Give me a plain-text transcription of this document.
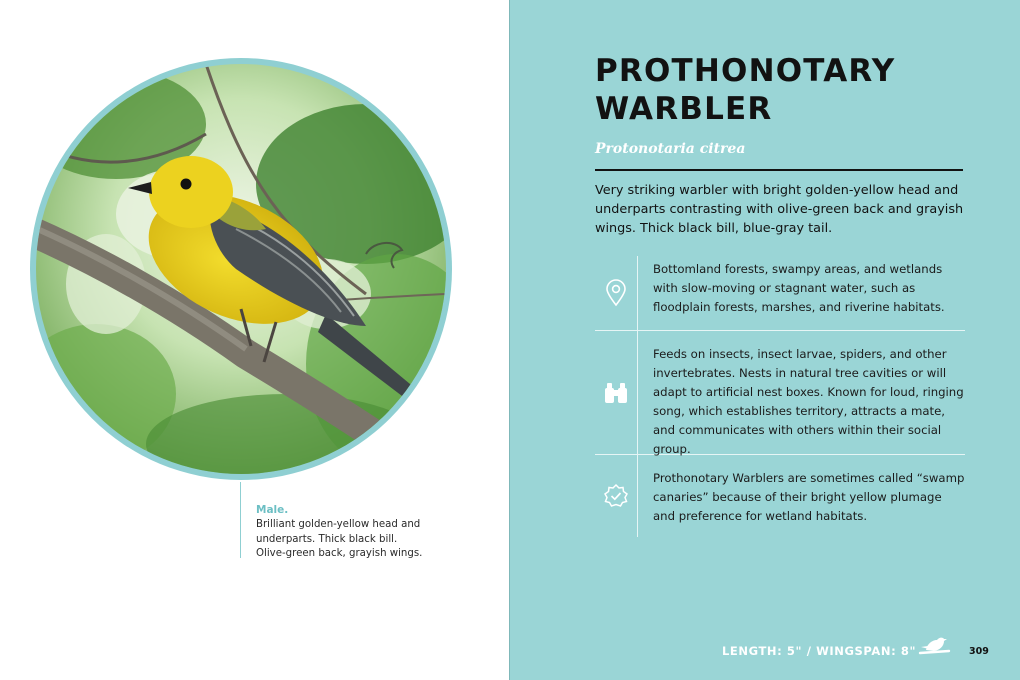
Male.
Brilliant golden-yellow head and underparts. Thick black bill. Olive-green back, grayish wings.
PROTHONOTARY WARBLER
Protonotaria citrea
Very striking warbler with bright golden-yellow head and underparts contrasting with olive-green back and grayish wings. Thick black bill, blue-gray tail.
Bottomland forests, swampy areas, and wetlands with slow-moving or stagnant water, such as floodplain forests, marshes, and riverine habitats.
Feeds on insects, insect larvae, spiders, and other invertebrates. Nests in natural tree cavities or will adapt to artificial nest boxes. Known for loud, ringing song, which establishes territory, attracts a mate, and communicates with others within their social group.
Prothonotary Warblers are sometimes called “swamp canaries” because of their bright yellow plumage and preference for wetland habitats.
LENGTH: 5" / WINGSPAN: 8"	309
